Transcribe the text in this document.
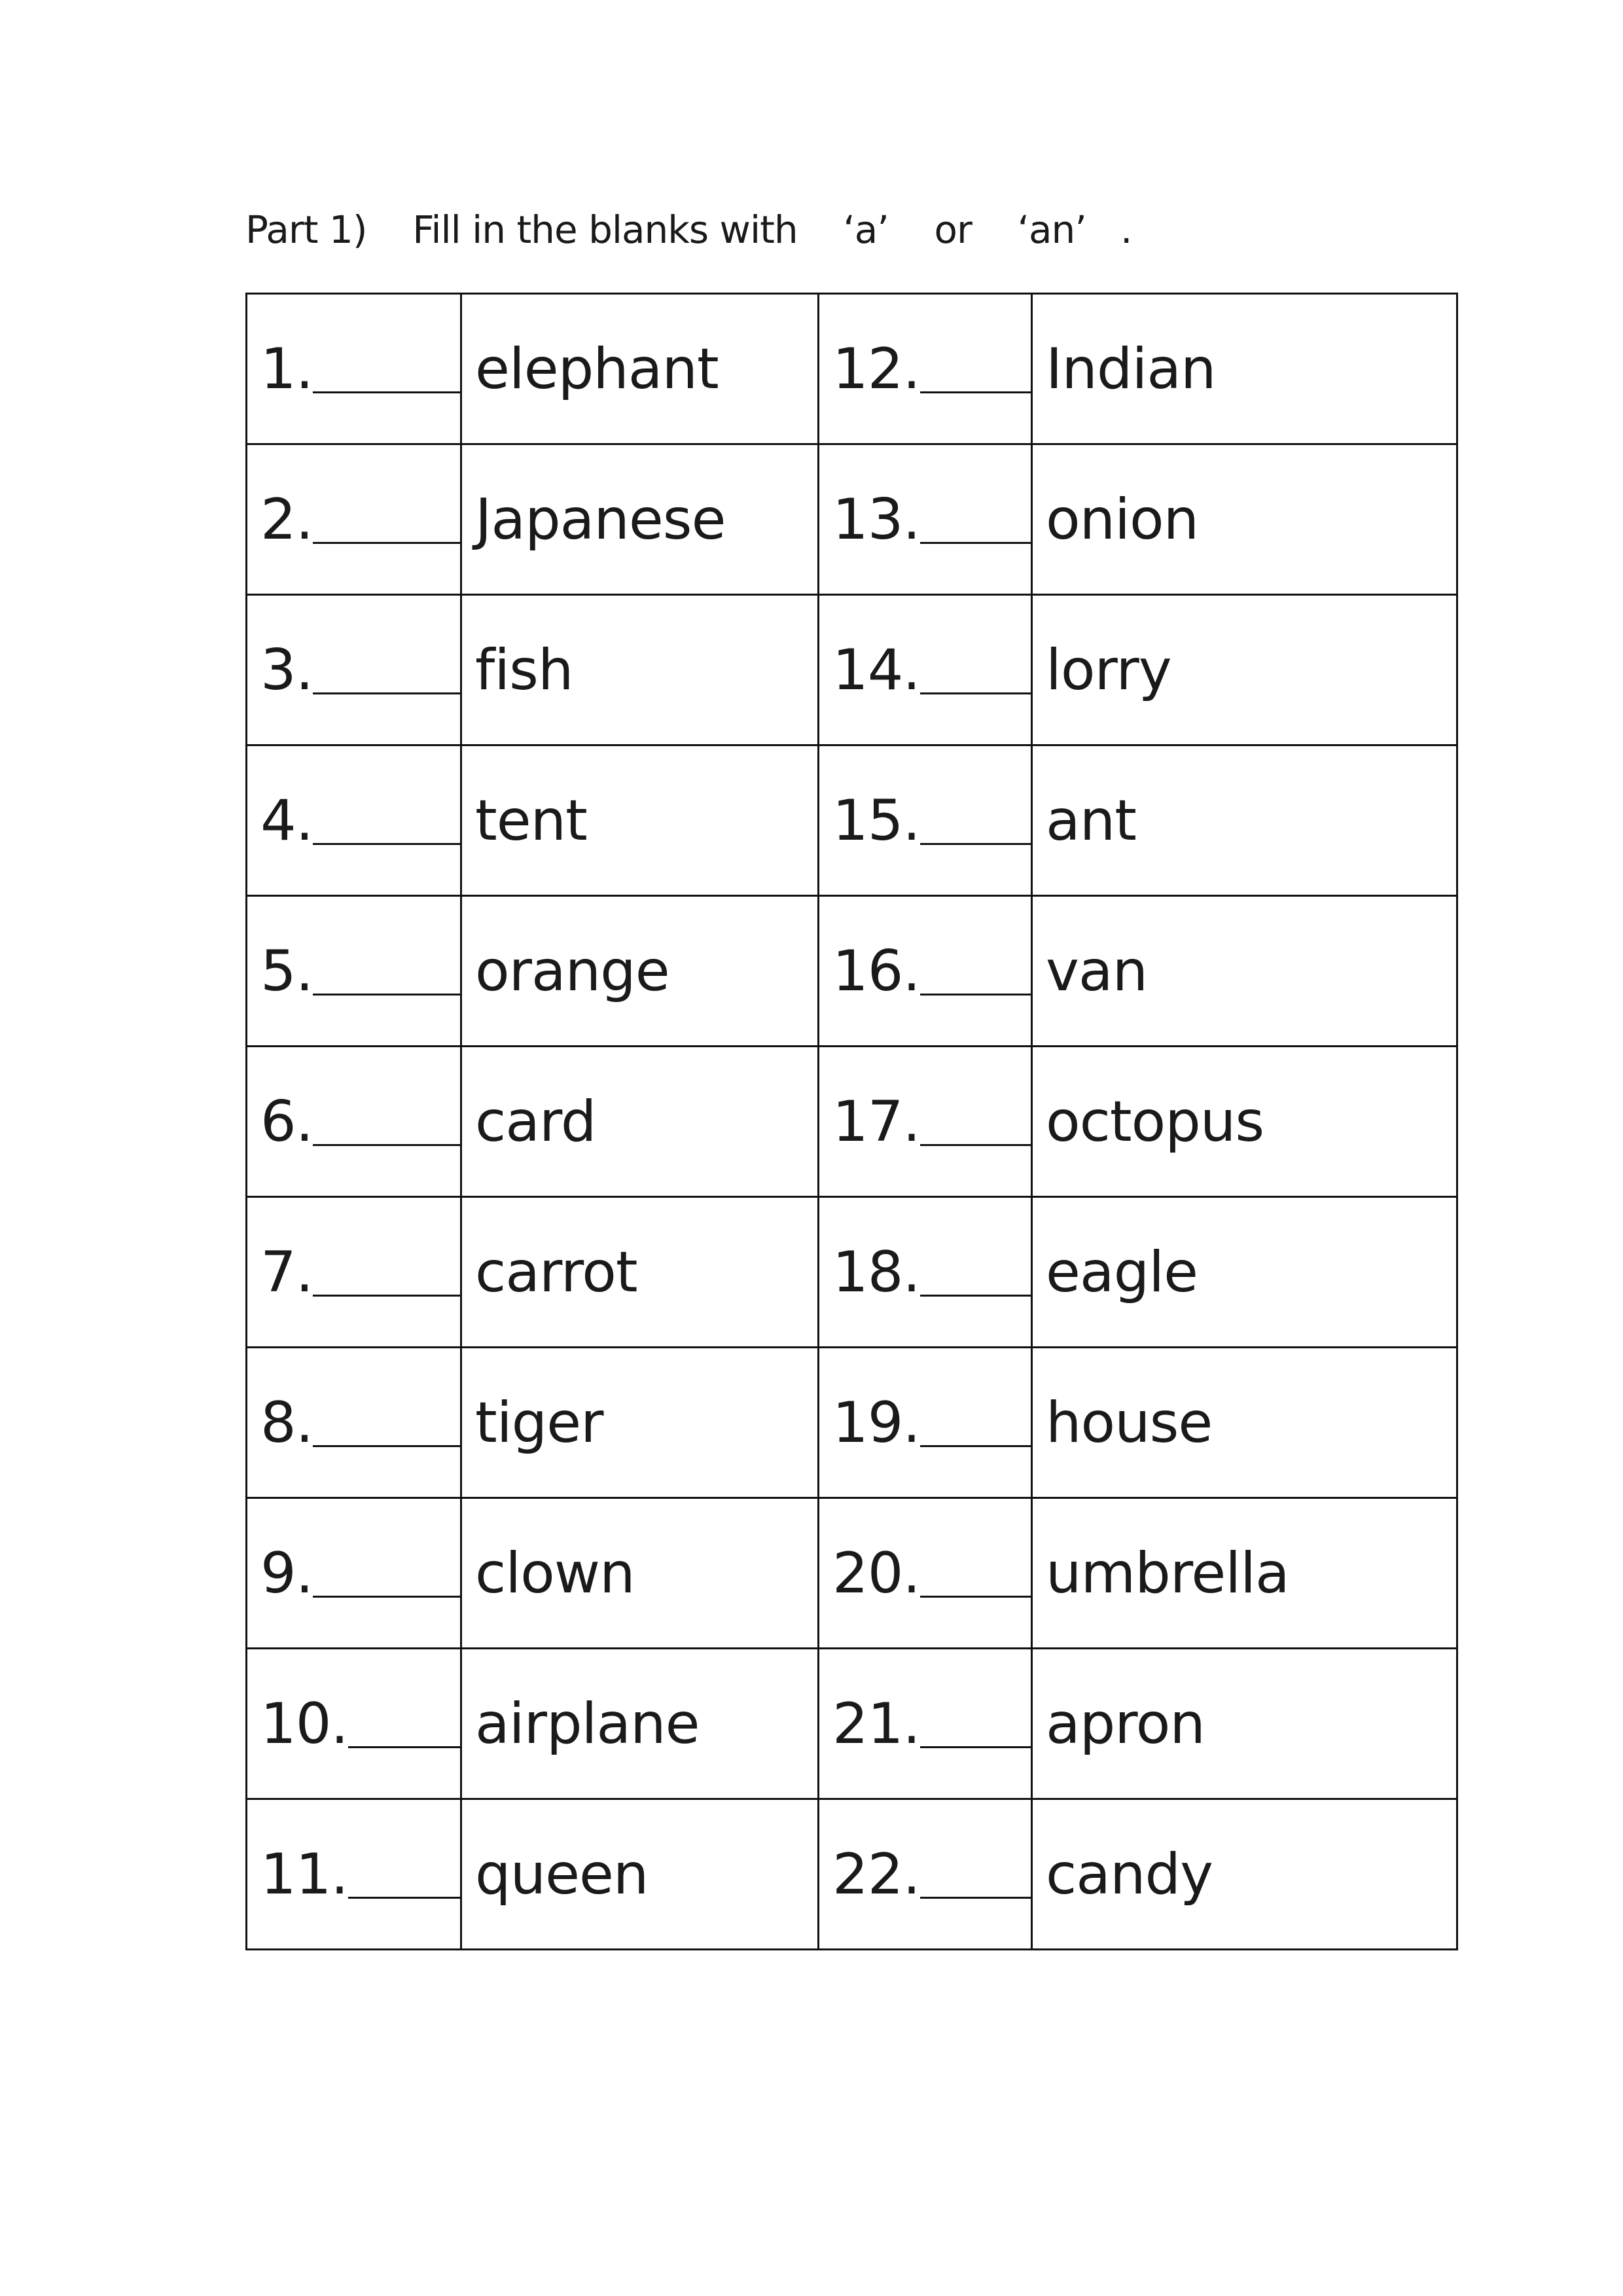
Part 1)    Fill in the blanks with    ‘a’    or    ‘an’   .
1.	elephant	12.	Indian
2.	Japanese	13.	onion
3.	fish	14.	lorry
4.	tent	15.	ant
5.	orange	16.	van
6.	card	17.	octopus
7.	carrot	18.	eagle
8.	tiger	19.	house
9.	clown	20.	umbrella
10.	airplane	21.	apron
11.	queen	22.	candy
